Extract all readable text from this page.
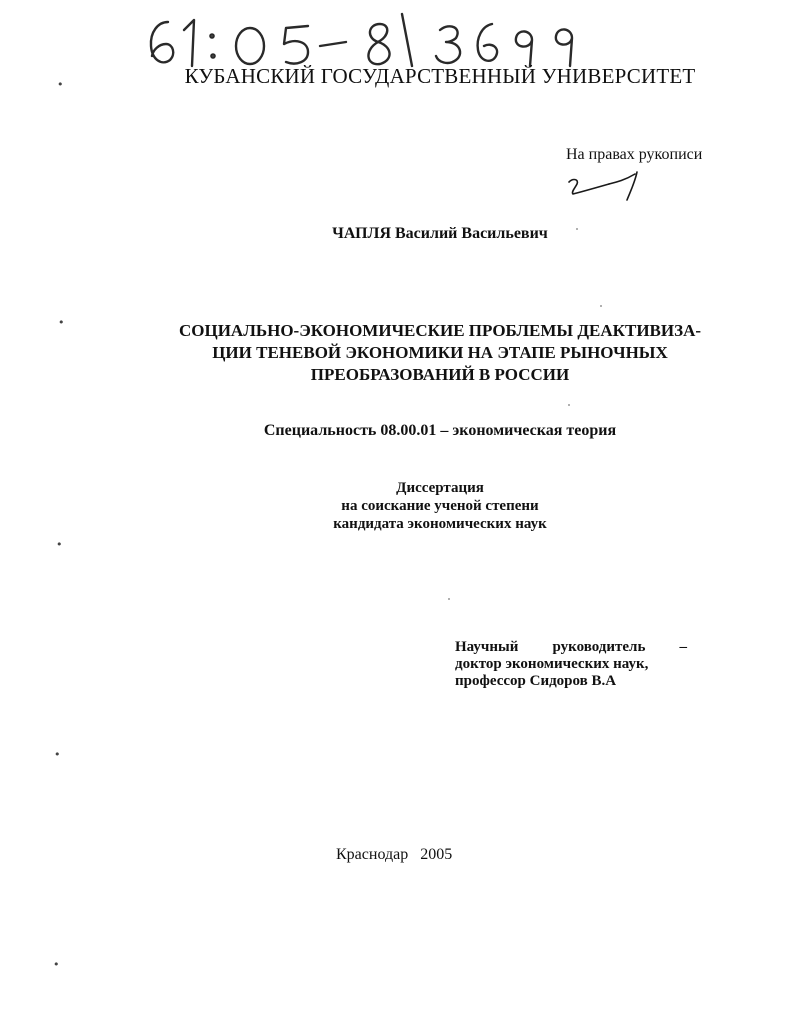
КУБАНСКИЙ ГОСУДАРСТВЕННЫЙ УНИВЕРСИТЕТ
На правах рукописи
ЧАПЛЯ Василий Васильевич
СОЦИАЛЬНО-ЭКОНОМИЧЕСКИЕ ПРОБЛЕМЫ ДЕАКТИВИЗА-
ЦИИ ТЕНЕВОЙ ЭКОНОМИКИ НА ЭТАПЕ РЫНОЧНЫХ
ПРЕОБРАЗОВАНИЙ В РОССИИ
Специальность 08.00.01 – экономическая теория
Диссертация
на соискание ученой степени
кандидата экономических наук
Научный руководитель –
доктор экономических наук,
профессор Сидоров В.А
Краснодар   2005
•
•
•
•
•
